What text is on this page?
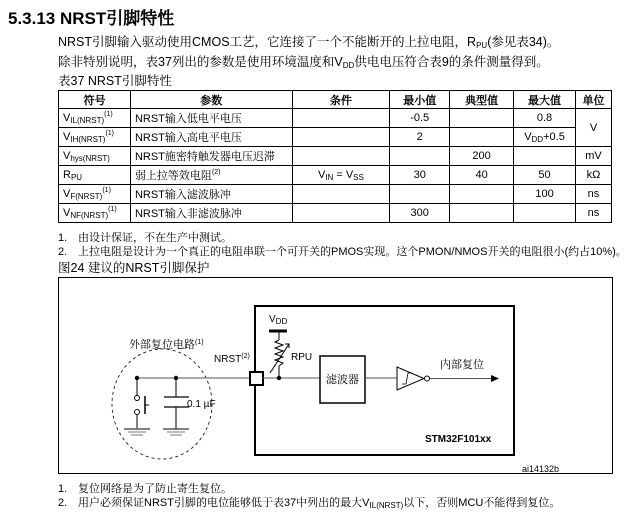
5.3.13 NRST引脚特性
NRST引脚输入驱动使用CMOS工艺，它连接了一个不能断开的上拉电阻，$R_{PU}$(参见表34)。
除非特别说明，表37列出的参数是使用环境温度和$V_{DD}$供电电压符合表9的条件测量得到。
表37 NRST引脚特性
符号	参数	条件	最小值	典型值	最大值	单位
$V_{IL(NRST)}^{(1)}$	NRST输入低电平电压		-0.5		0.8	V
$V_{IH(NRST)}^{(1)}$	NRST输入高电平电压		2		$V_{DD}+0.5$	
$V_{hys(NRST)}$	NRST施密特触发器电压迟滞			200		mV
$R_{PU}$	弱上拉等效电阻$^{(2)}$	$V_{IN} = V_{SS}$	30	40	50	kΩ
$V_{F(NRST)}^{(1)}$	NRST输入滤波脉冲				100	ns
$V_{NF(NRST)}^{(1)}$	NRST输入非滤波脉冲		300			ns
1. 由设计保证，不在生产中测试。
2. 上拉电阻是设计为一个真正的电阻串联一个可开关的PMOS实现。这个PMON/NMOS开关的电阻很小(约占10%)。
图24 建议的NRST引脚保护
外部复位电路$^{(1)}$
0.1 µF
NRST$^{(2)}$
$V_{DD}$
RPU
滤波器
内部复位
STM32F101xx
ai14132b
1. 复位网络是为了防止寄生复位。
2. 用户必须保证NRST引脚的电位能够低于表37中列出的最大$V_{IL(NRST)}$以下，否则MCU不能得到复位。
